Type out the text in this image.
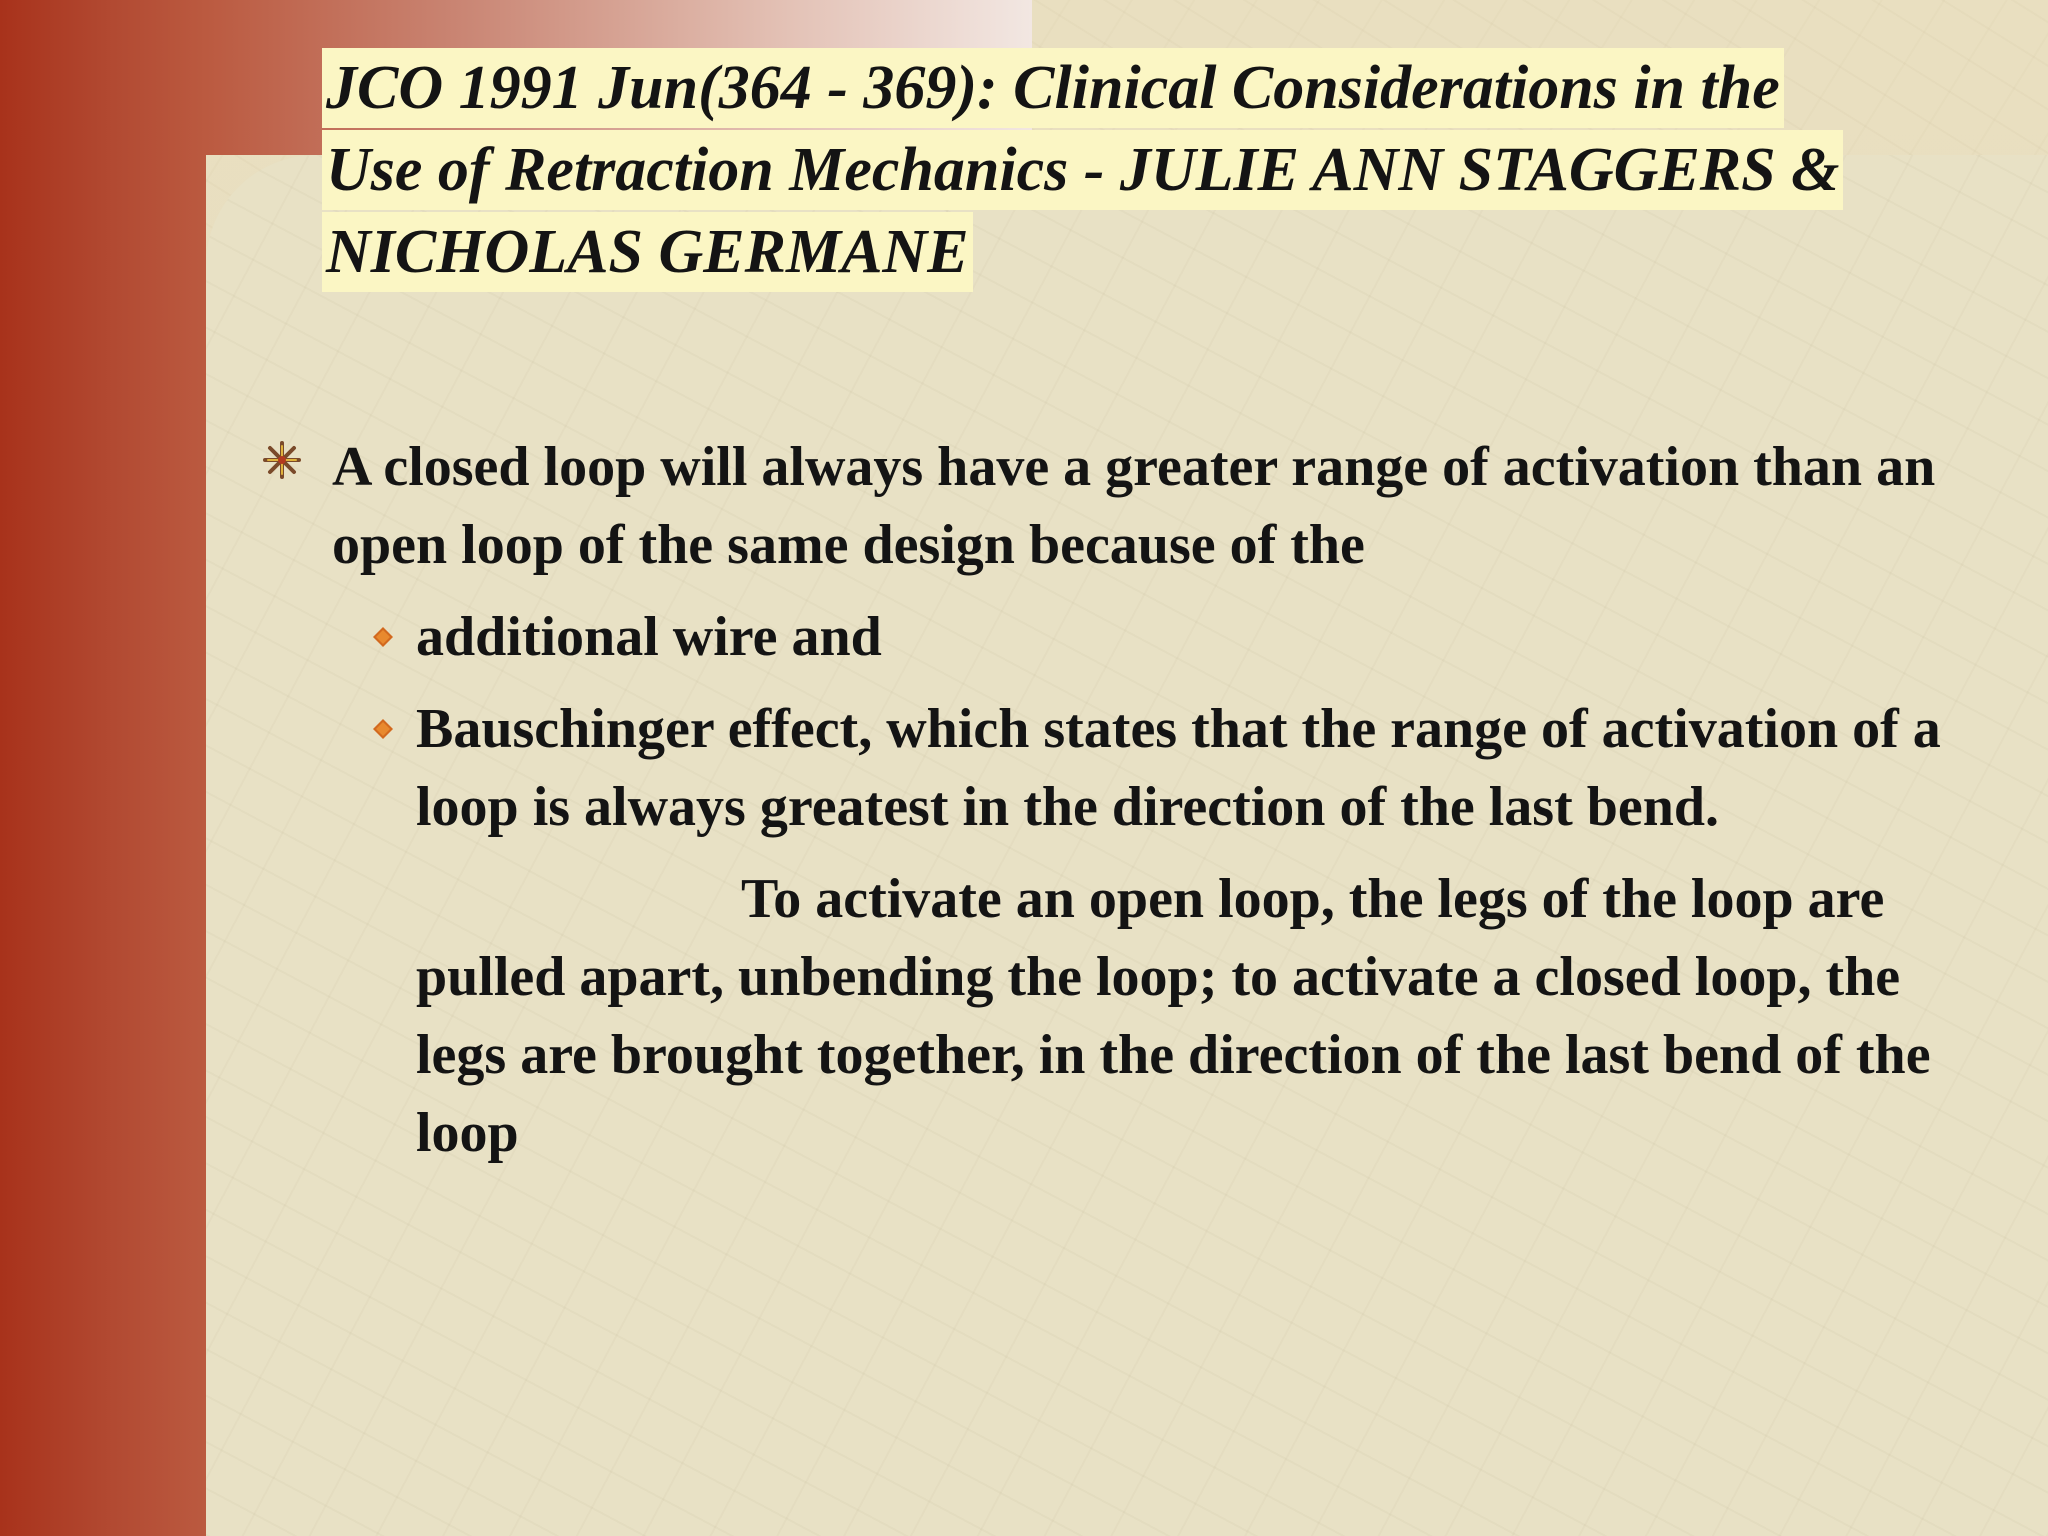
JCO 1991 Jun(364 - 369): Clinical Considerations in the
Use of Retraction Mechanics - JULIE ANN STAGGERS &
NICHOLAS GERMANE
A closed loop will always have a greater range of activation than an open loop of the same design because of the
additional wire and
Bauschinger effect, which states that the range of activation of a loop is always greatest in the direction of the last bend.
To activate an open loop, the legs of the loop are pulled apart, unbending the loop; to activate a closed loop, the legs are brought together, in the direction of the last bend of the loop
